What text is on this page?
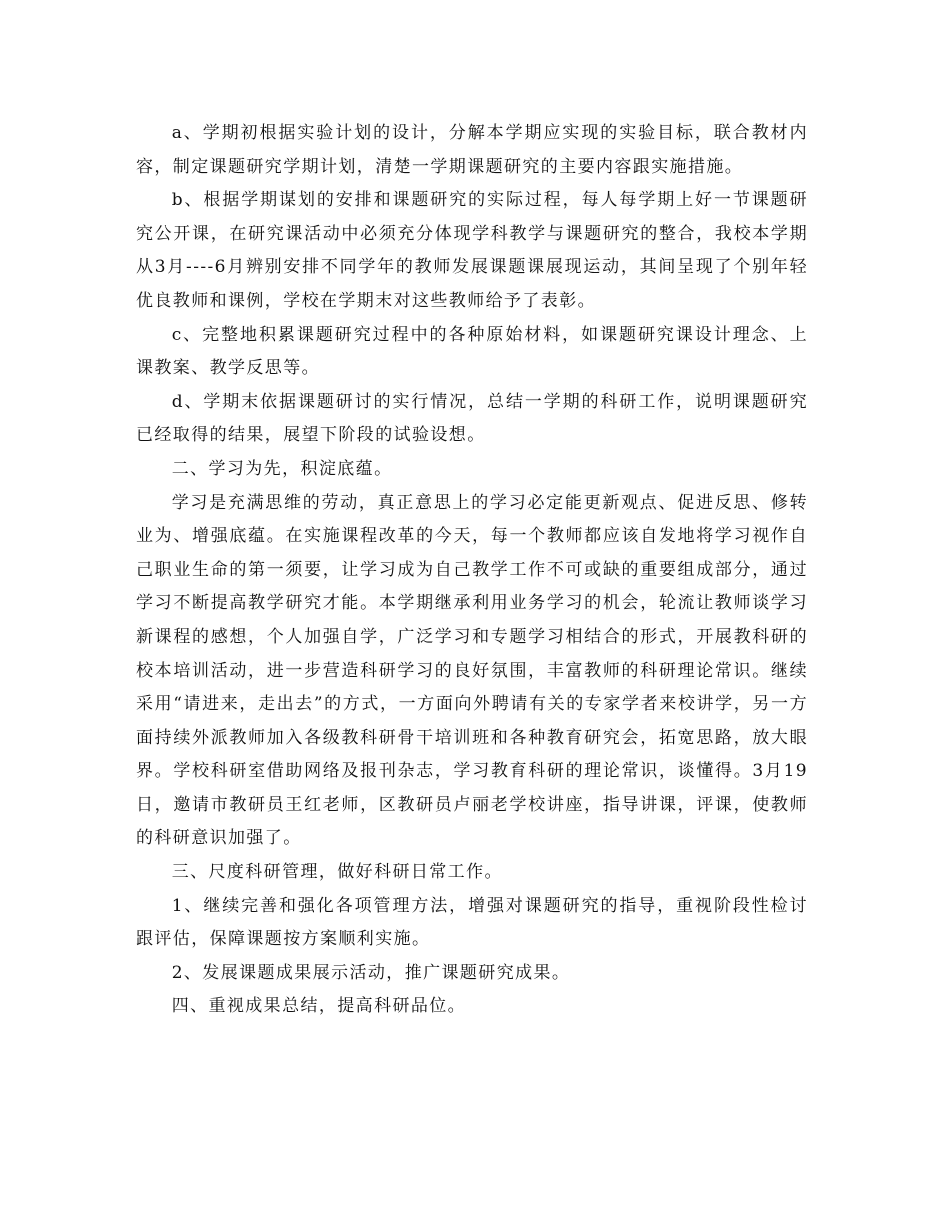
a、学期初根据实验计划的设计，分解本学期应实现的实验目标，联合教材内容，制定课题研究学期计划，清楚一学期课题研究的主要内容跟实施措施。

b、根据学期谋划的安排和课题研究的实际过程，每人每学期上好一节课题研究公开课，在研究课活动中必须充分体现学科教学与课题研究的整合，我校本学期从3月----6月辨别安排不同学年的教师发展课题课展现运动，其间呈现了个别年轻优良教师和课例，学校在学期末对这些教师给予了表彰。

c、完整地积累课题研究过程中的各种原始材料，如课题研究课设计理念、上课教案、教学反思等。

d、学期末依据课题研讨的实行情况，总结一学期的科研工作，说明课题研究已经取得的结果，展望下阶段的试验设想。

二、学习为先，积淀底蕴。

学习是充满思维的劳动，真正意思上的学习必定能更新观点、促进反思、修转业为、增强底蕴。在实施课程改革的今天，每一个教师都应该自发地将学习视作自己职业生命的第一须要，让学习成为自己教学工作不可或缺的重要组成部分，通过学习不断提高教学研究才能。本学期继承利用业务学习的机会，轮流让教师谈学习新课程的感想，个人加强自学，广泛学习和专题学习相结合的形式，开展教科研的校本培训活动，进一步营造科研学习的良好氛围，丰富教师的科研理论常识。继续采用“请进来，走出去”的方式，一方面向外聘请有关的专家学者来校讲学，另一方面持续外派教师加入各级教科研骨干培训班和各种教育研究会，拓宽思路，放大眼界。学校科研室借助网络及报刊杂志，学习教育科研的理论常识，谈懂得。3月19日，邀请市教研员王红老师，区教研员卢丽老学校讲座，指导讲课，评课，使教师的科研意识加强了。

三、尺度科研管理，做好科研日常工作。

1、继续完善和强化各项管理方法，增强对课题研究的指导，重视阶段性检讨跟评估，保障课题按方案顺利实施。

2、发展课题成果展示活动，推广课题研究成果。

四、重视成果总结，提高科研品位。
